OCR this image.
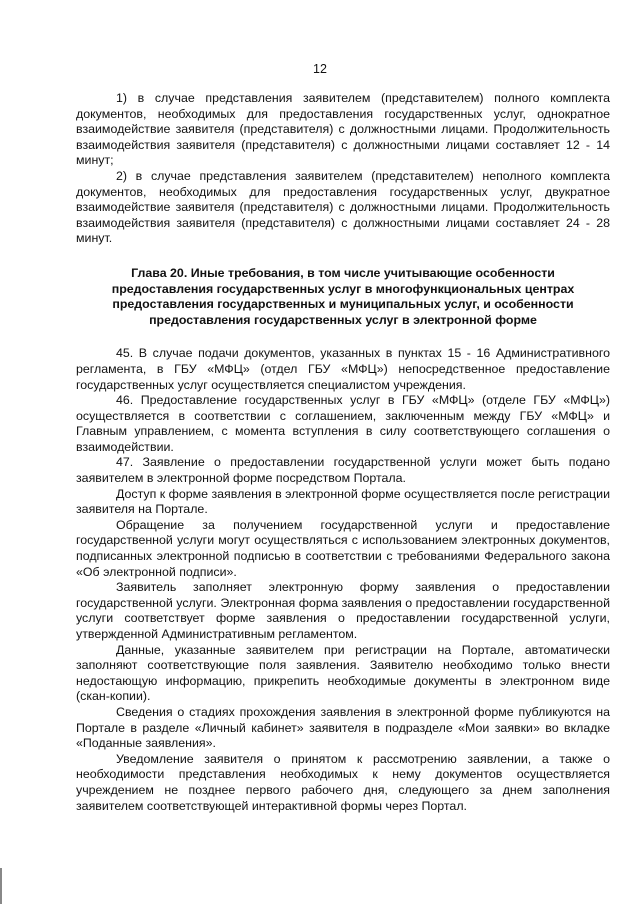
12

1) в случае представления заявителем (представителем) полного комплекта документов, необходимых для предоставления государственных услуг, однократное взаимодействие заявителя (представителя) с должностными лицами. Продолжительность взаимодействия заявителя (представителя) с должностными лицами составляет 12 - 14 минут;

2) в случае представления заявителем (представителем) неполного комплекта документов, необходимых для предоставления государственных услуг, двукратное взаимодействие заявителя (представителя) с должностными лицами. Продолжительность взаимодействия заявителя (представителя) с должностными лицами составляет 24 - 28 минут.

Глава 20. Иные требования, в том числе учитывающие особенности
предоставления государственных услуг в многофункциональных центрах
предоставления государственных и муниципальных услуг, и особенности
предоставления государственных услуг в электронной форме

45. В случае подачи документов, указанных в пунктах 15 - 16 Административного регламента, в ГБУ «МФЦ» (отдел ГБУ «МФЦ») непосредственное предоставление государственных услуг осуществляется специалистом учреждения.

46. Предоставление государственных услуг в ГБУ «МФЦ» (отделе ГБУ «МФЦ») осуществляется в соответствии с соглашением, заключенным между ГБУ «МФЦ» и Главным управлением, с момента вступления в силу соответствующего соглашения о взаимодействии.

47. Заявление о предоставлении государственной услуги может быть подано заявителем в электронной форме посредством Портала.

Доступ к форме заявления в электронной форме осуществляется после регистрации заявителя на Портале.

Обращение за получением государственной услуги и предоставление государственной услуги могут осуществляться с использованием электронных документов, подписанных электронной подписью в соответствии с требованиями Федерального закона «Об электронной подписи».

Заявитель заполняет электронную форму заявления о предоставлении государственной услуги. Электронная форма заявления о предоставлении государственной услуги соответствует форме заявления о предоставлении государственной услуги, утвержденной Административным регламентом.

Данные, указанные заявителем при регистрации на Портале, автоматически заполняют соответствующие поля заявления. Заявителю необходимо только внести недостающую информацию, прикрепить необходимые документы в электронном виде (скан-копии).

Сведения о стадиях прохождения заявления в электронной форме публикуются на Портале в разделе «Личный кабинет» заявителя в подразделе «Мои заявки» во вкладке «Поданные заявления».

Уведомление заявителя о принятом к рассмотрению заявлении, а также о необходимости представления необходимых к нему документов осуществляется учреждением не позднее первого рабочего дня, следующего за днем заполнения заявителем соответствующей интерактивной формы через Портал.
